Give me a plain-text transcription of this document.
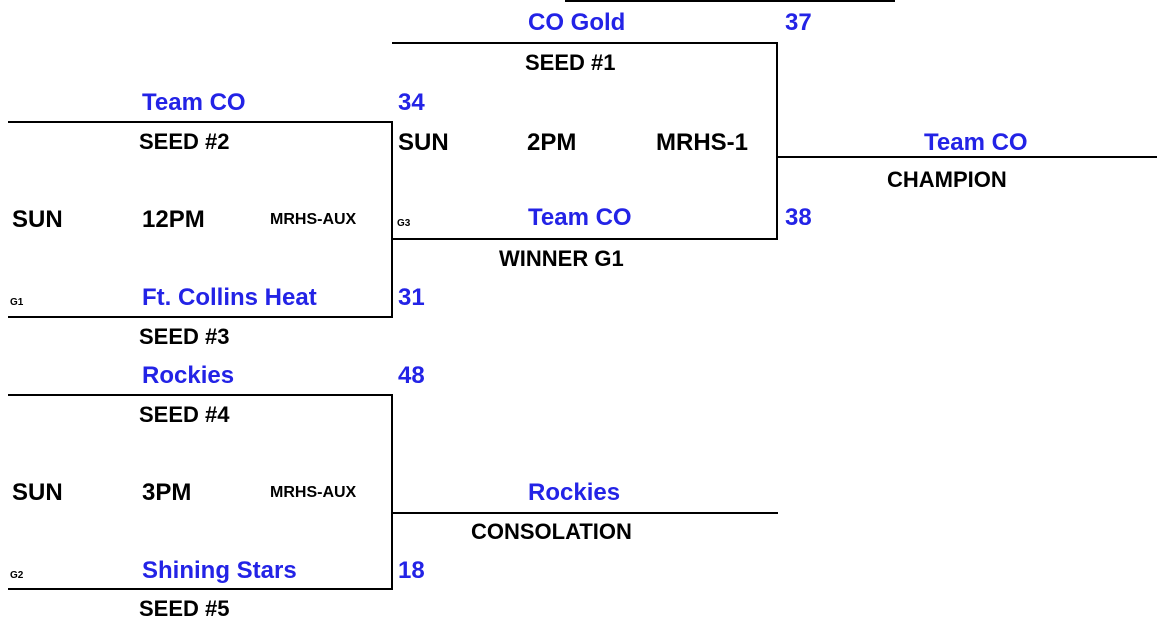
CO Gold	37
SEED #1
SUN	2PM	MRHS-1
Team CO	38
WINNER G1
Team CO
CHAMPION
Team CO	34
SEED #2
SUN	12PM	MRHS-AUX	G3
G1	Ft. Collins Heat	31
SEED #3
Rockies	48
SEED #4
SUN	3PM	MRHS-AUX	Rockies
CONSOLATION
G2	Shining Stars	18
SEED #5
